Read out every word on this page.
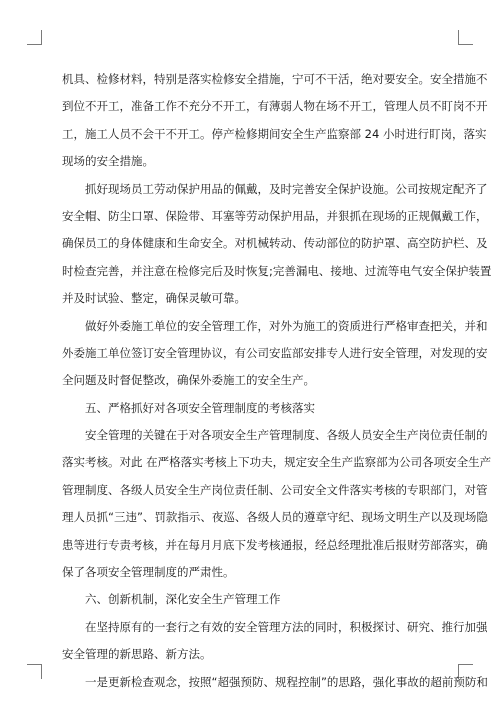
机具、检修材料，特别是落实检修安全措施，宁可不干活，绝对要安全。安全措施不
到位不开工，准备工作不充分不开工，有薄弱人物在场不开工，管理人员不盯岗不开
工，施工人员不会干不开工。停产检修期间安全生产监察部 24 小时进行盯岗，落实
现场的安全措施。
抓好现场员工劳动保护用品的佩戴，及时完善安全保护设施。公司按规定配齐了
安全帽、防尘口罩、保险带、耳塞等劳动保护用品，并狠抓在现场的正规佩戴工作，
确保员工的身体健康和生命安全。对机械转动、传动部位的防护罩、高空防护栏、及
时检查完善，并注意在检修完后及时恢复;完善漏电、接地、过流等电气安全保护装置
并及时试验、整定，确保灵敏可靠。
做好外委施工单位的安全管理工作，对外为施工的资质进行严格审查把关，并和
外委施工单位签订安全管理协议，有公司安监部安排专人进行安全管理，对发现的安
全问题及时督促整改，确保外委施工的安全生产。
五、严格抓好对各项安全管理制度的考核落实
安全管理的关键在于对各项安全生产管理制度、各级人员安全生产岗位责任制的
落实考核。对此 在严格落实考核上下功夫，规定安全生产监察部为公司各项安全生产
管理制度、各级人员安全生产岗位责任制、公司安全文件落实考核的专职部门，对管
理人员抓“三违”、罚款指示、夜巡、各级人员的遵章守纪、现场文明生产以及现场隐
患等进行专责考核，并在每月月底下发考核通报，经总经理批准后报财劳部落实，确
保了各项安全管理制度的严肃性。
六、创新机制，深化安全生产管理工作
在坚持原有的一套行之有效的安全管理方法的同时，积极探讨、研究、推行加强
安全管理的新思路、新方法。
一是更新检查观念，按照“超强预防、规程控制”的思路，强化事故的超前预防和
